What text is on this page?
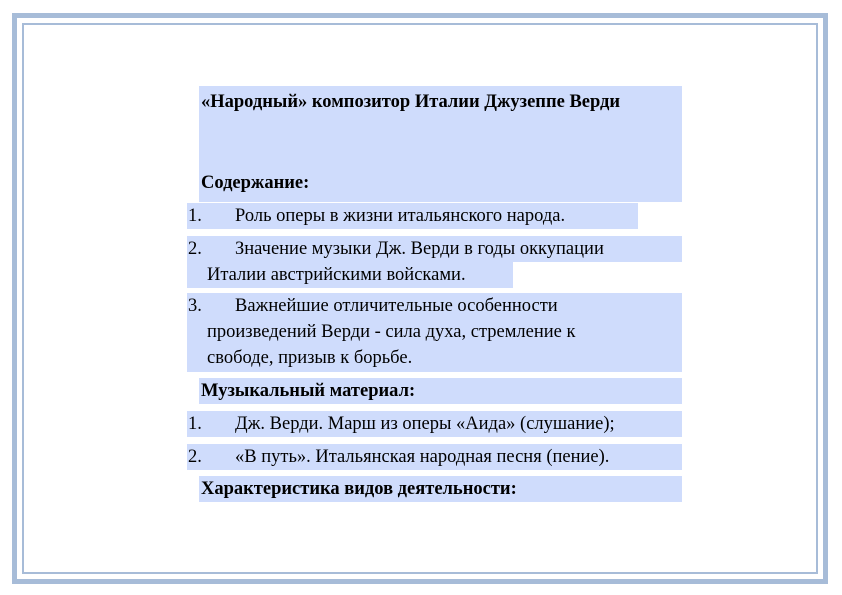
«Народный» композитор Италии Джузеппе Верди
Содержание:
1.	Роль оперы в жизни итальянского народа.
2.	Значение музыки Дж. Верди в годы оккупации
Италии австрийскими войсками.
3.	Важнейшие отличительные особенности
произведений Верди - сила духа, стремление к
свободе, призыв к борьбе.
Музыкальный материал:
1.	Дж. Верди. Марш из оперы «Аида» (слушание);
2.	«В путь». Итальянская народная песня (пение).
Характеристика видов деятельности:
